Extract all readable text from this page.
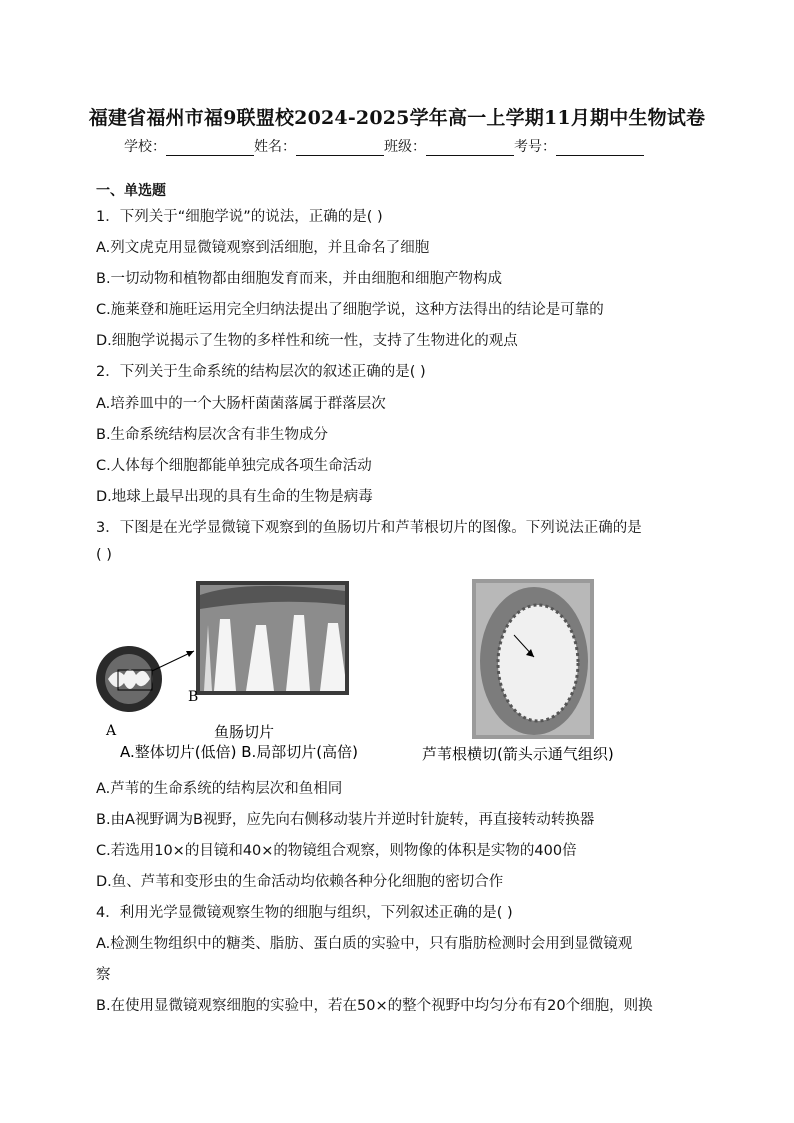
福建省福州市福9联盟校2024-2025学年高一上学期11月期中生物试卷
学校：	姓名：	班级：	考号：
一、单选题
1．下列关于“细胞学说”的说法，正确的是( )
A.列文虎克用显微镜观察到活细胞，并且命名了细胞
B.一切动物和植物都由细胞发育而来，并由细胞和细胞产物构成
C.施莱登和施旺运用完全归纳法提出了细胞学说，这种方法得出的结论是可靠的
D.细胞学说揭示了生物的多样性和统一性，支持了生物进化的观点
2．下列关于生命系统的结构层次的叙述正确的是( )
A.培养皿中的一个大肠杆菌菌落属于群落层次
B.生命系统结构层次含有非生物成分
C.人体每个细胞都能单独完成各项生命活动
D.地球上最早出现的具有生命的生物是病毒
3．下图是在光学显微镜下观察到的鱼肠切片和芦苇根切片的图像。下列说法正确的是
( )
A
B
鱼肠切片
A.整体切片(低倍) B.局部切片(高倍)	芦苇根横切(箭头示通气组织)
A.芦苇的生命系统的结构层次和鱼相同
B.由A视野调为B视野，应先向右侧移动装片并逆时针旋转，再直接转动转换器
C.若选用10×的目镜和40×的物镜组合观察，则物像的体积是实物的400倍
D.鱼、芦苇和变形虫的生命活动均依赖各种分化细胞的密切合作
4．利用光学显微镜观察生物的细胞与组织，下列叙述正确的是( )
A.检测生物组织中的糖类、脂肪、蛋白质的实验中，只有脂肪检测时会用到显微镜观
察
B.在使用显微镜观察细胞的实验中，若在50×的整个视野中均匀分布有20个细胞，则换
